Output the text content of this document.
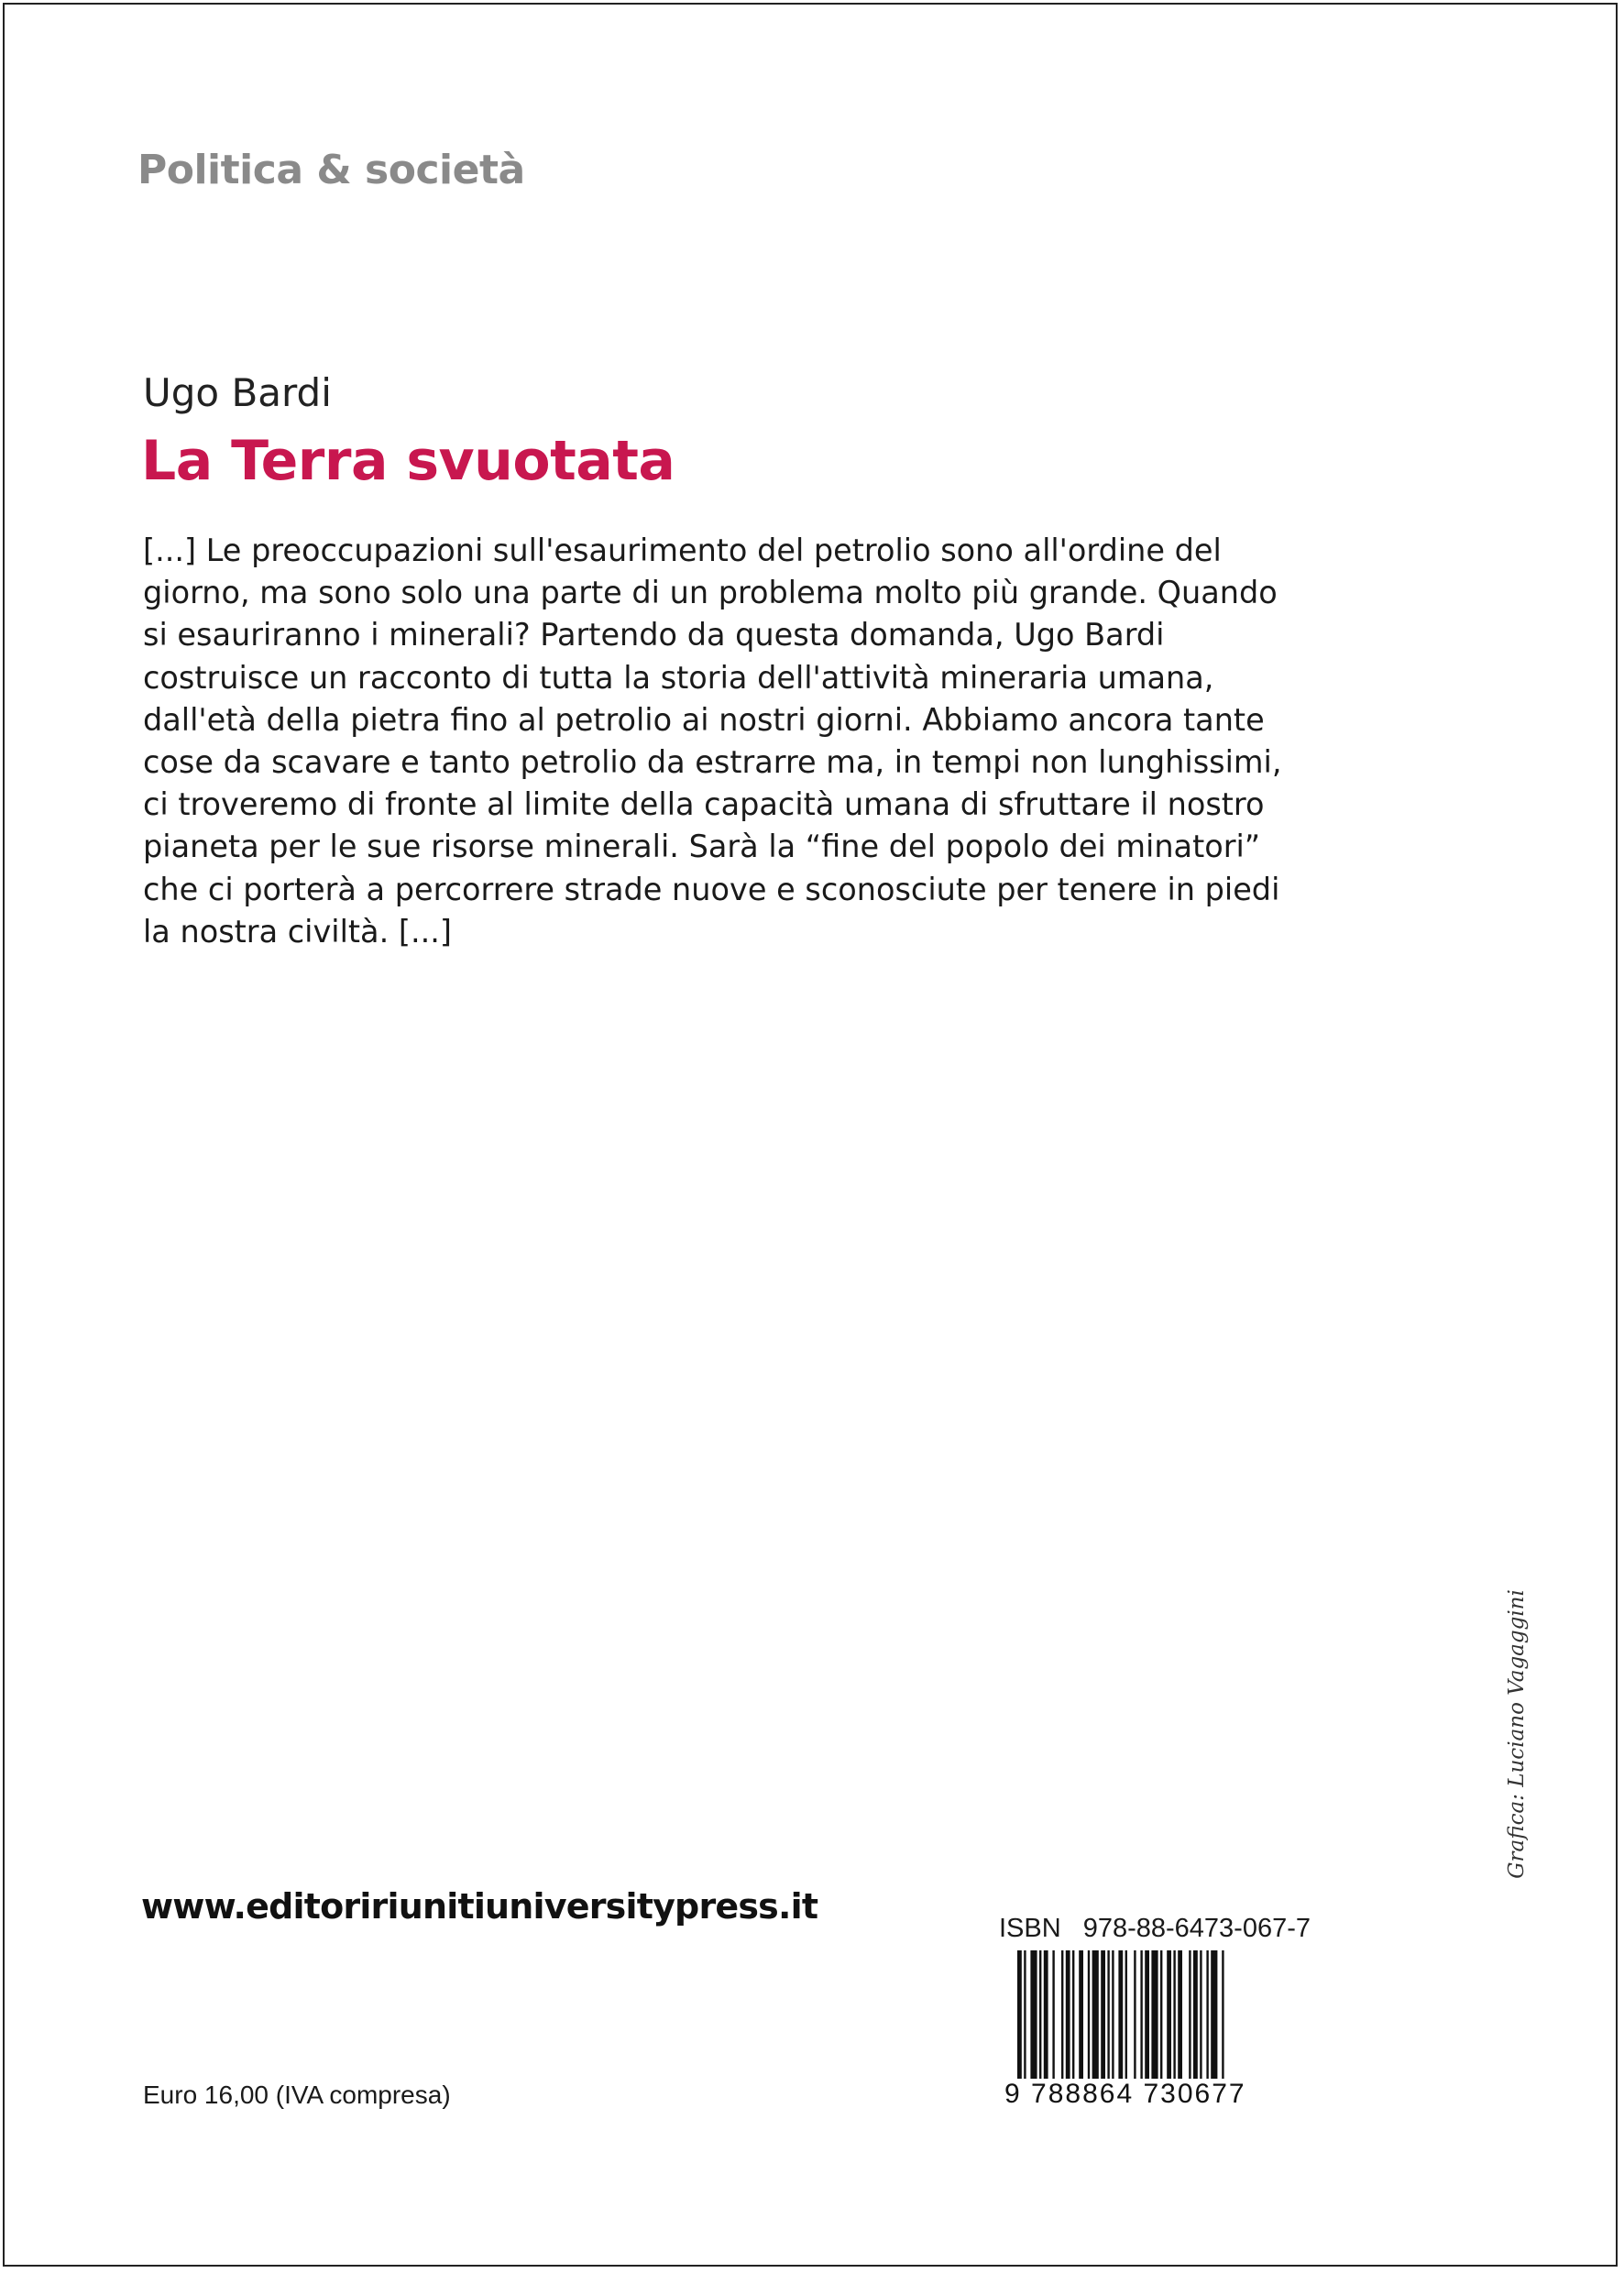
Politica & società
Ugo Bardi
La Terra svuotata
[...] Le preoccupazioni sull'esaurimento del petrolio sono all'ordine del
giorno, ma sono solo una parte di un problema molto più grande. Quando
si esauriranno i minerali? Partendo da questa domanda, Ugo Bardi
costruisce un racconto di tutta la storia dell'attività mineraria umana,
dall'età della pietra fino al petrolio ai nostri giorni. Abbiamo ancora tante
cose da scavare e tanto petrolio da estrarre ma, in tempi non lunghissimi,
ci troveremo di fronte al limite della capacità umana di sfruttare il nostro
pianeta per le sue risorse minerali. Sarà la “fine del popolo dei minatori”
che ci porterà a percorrere strade nuove e sconosciute per tenere in piedi
la nostra civiltà. [...]
Grafica: Luciano Vagaggini
www.editoririunitiuniversitypress.it
Euro 16,00 (IVA compresa)
ISBN 978-88-6473-067-7
9 788864 730677
